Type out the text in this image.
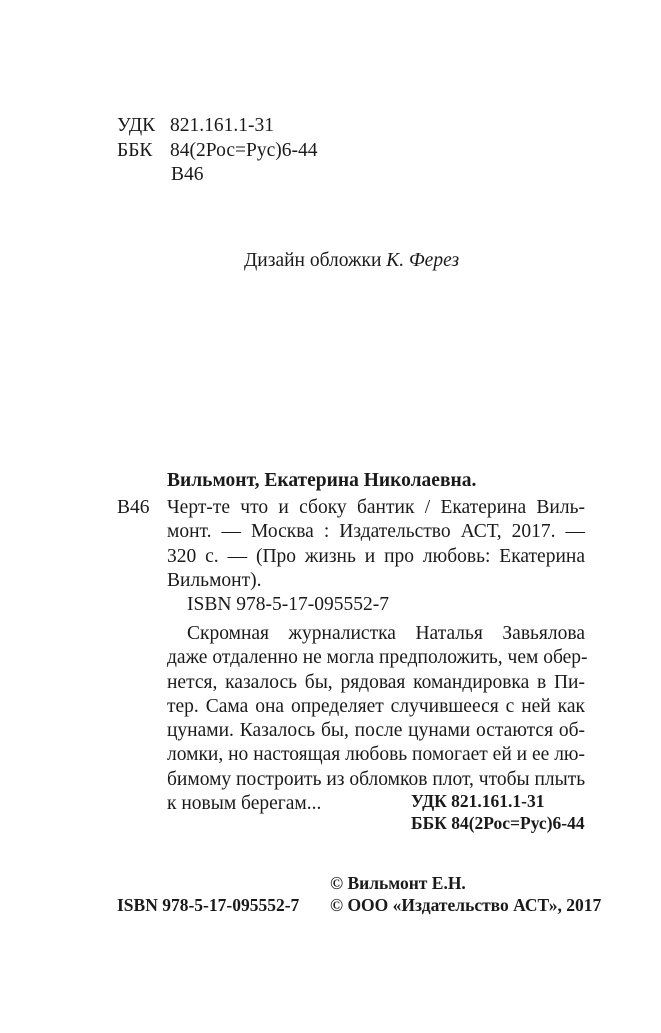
УДК 821.161.1-31
ББК 84(2Рос=Рус)6-44
В46
Дизайн обложки К. Ферез
Вильмонт, Екатерина Николаевна.
В46 Черт-те что и сбоку бантик / Екатерина Виль-
монт. — Москва : Издательство АСТ, 2017. —
320 с. — (Про жизнь и про любовь: Екатерина
Вильмонт).
ISBN 978-5-17-095552-7
Скромная журналистка Наталья Завьялова
даже отдаленно не могла предположить, чем обер-
нется, казалось бы, рядовая командировка в Пи-
тер. Сама она определяет случившееся с ней как
цунами. Казалось бы, после цунами остаются об-
ломки, но настоящая любовь помогает ей и ее лю-
бимому построить из обломков плот, чтобы плыть
к новым берегам...	УДК 821.161.1-31
ББК 84(2Рос=Рус)6-44
© Вильмонт Е.Н.
ISBN 978-5-17-095552-7 © ООО «Издательство АСТ», 2017
